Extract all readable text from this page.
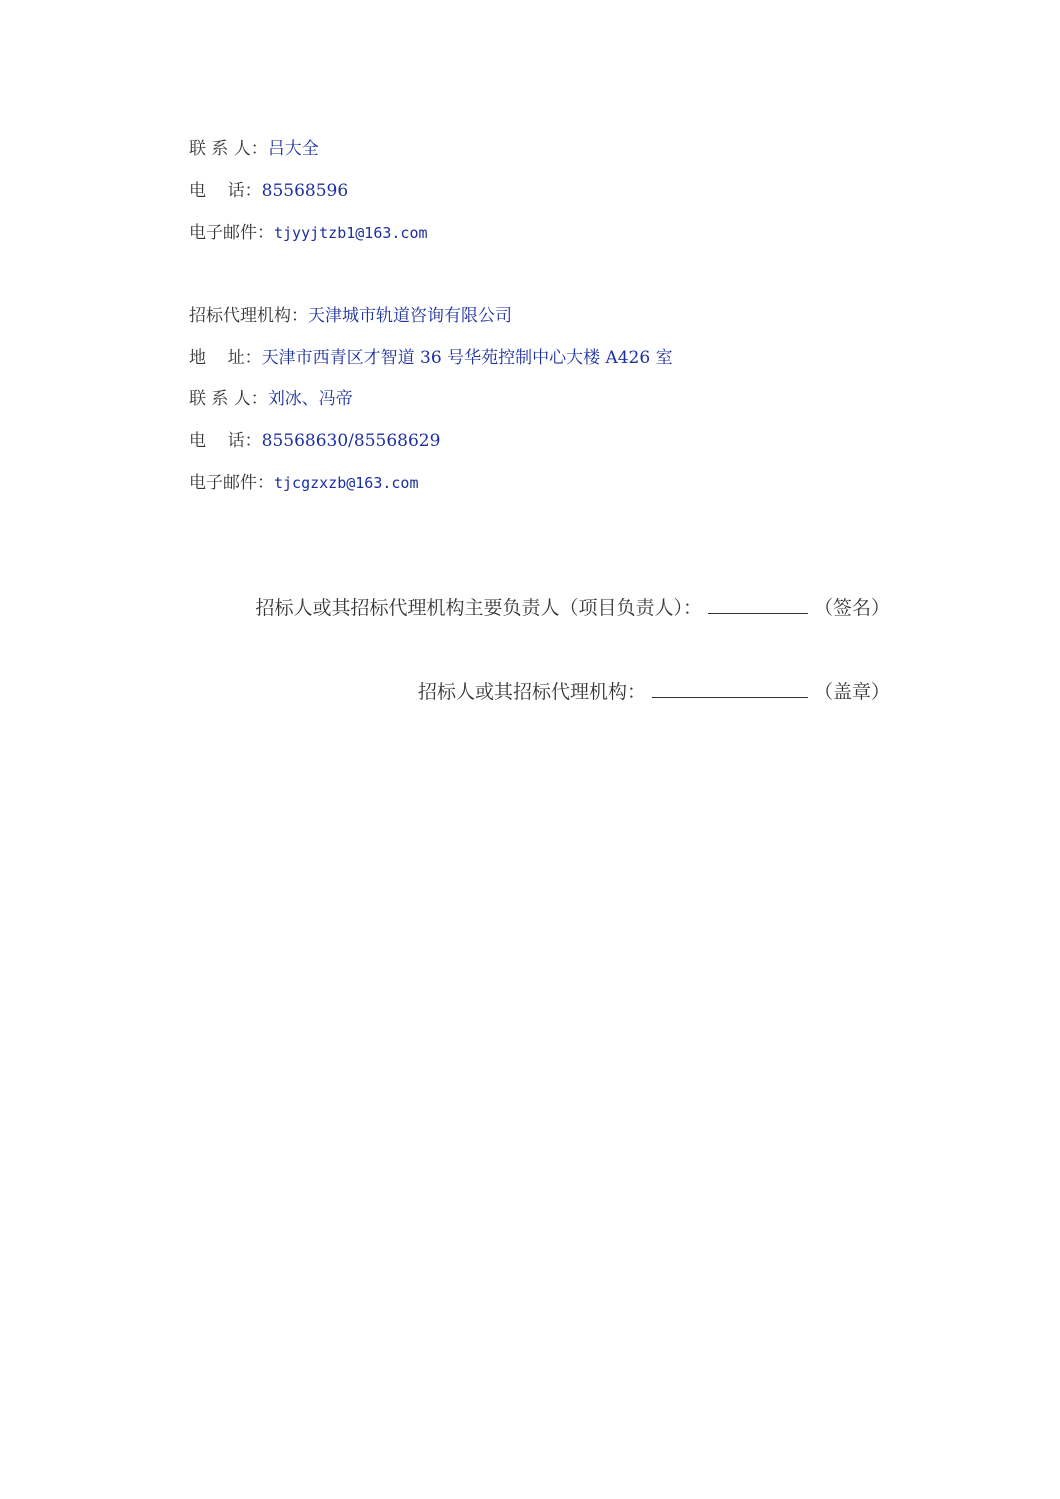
联 系 人：吕大全
电    话：85568596
电子邮件：tjyyjtzb1@163.com
招标代理机构：天津城市轨道咨询有限公司
地    址：天津市西青区才智道 36 号华苑控制中心大楼 A426 室
联 系 人：刘冰、冯帝
电    话：85568630/85568629
电子邮件：tjcgzxzb@163.com
招标人或其招标代理机构主要负责人（项目负责人）：	（签名）
招标人或其招标代理机构：	（盖章）
